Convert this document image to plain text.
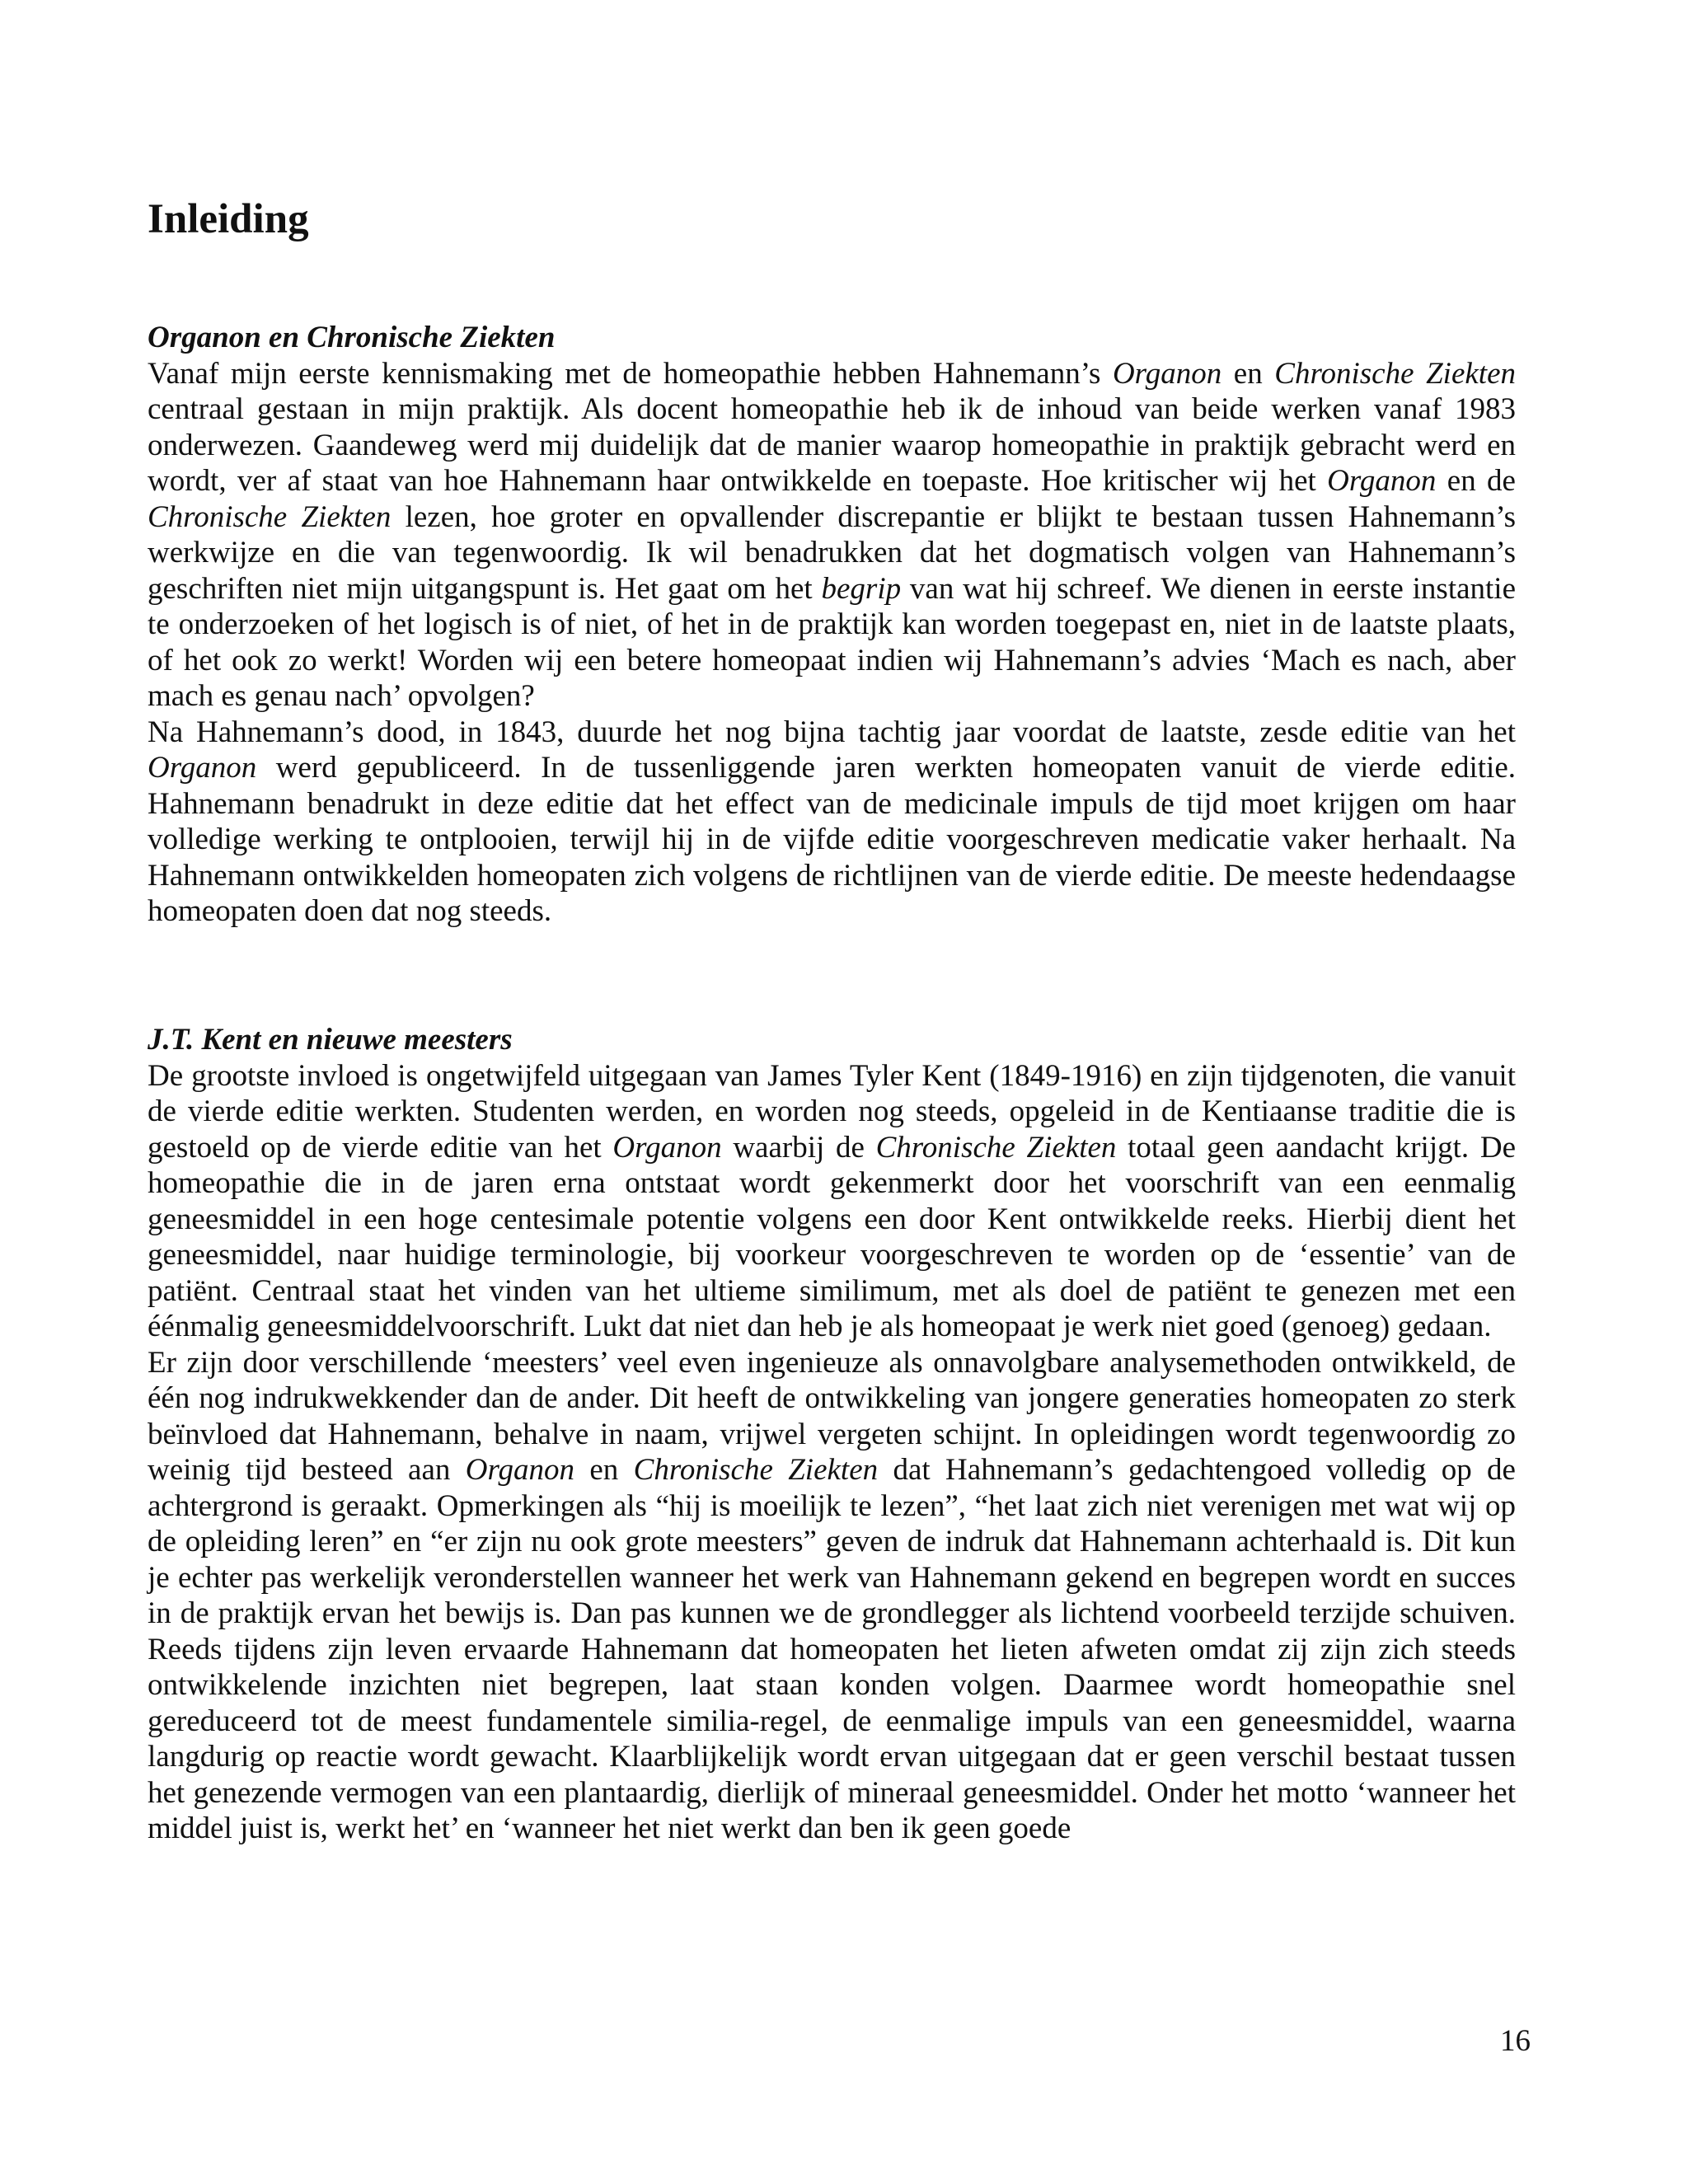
Inleiding
Organon en Chronische Ziekten

Vanaf mijn eerste kennismaking met de homeopathie hebben Hahnemann’s Organon en Chronische Ziekten centraal gestaan in mijn praktijk. Als docent homeopathie heb ik de inhoud van beide werken vanaf 1983 onderwezen. Gaandeweg werd mij duidelijk dat de manier waarop homeopathie in praktijk gebracht werd en wordt, ver af staat van hoe Hahnemann haar ontwikkelde en toepaste. Hoe kritischer wij het Organon en de Chronische Ziekten lezen, hoe groter en opvallender discrepantie er blijkt te bestaan tussen Hahnemann’s werkwijze en die van tegenwoordig. Ik wil benadrukken dat het dogmatisch volgen van Hahnemann’s geschriften niet mijn uitgangspunt is. Het gaat om het begrip van wat hij schreef. We dienen in eerste instantie te onderzoeken of het logisch is of niet, of het in de praktijk kan worden toegepast en, niet in de laatste plaats, of het ook zo werkt! Worden wij een betere homeopaat indien wij Hahnemann’s advies ‘Mach es nach, aber mach es genau nach’ opvolgen?

Na Hahnemann’s dood, in 1843, duurde het nog bijna tachtig jaar voordat de laatste, zesde editie van het Organon werd gepubliceerd. In de tussenliggende jaren werkten homeopaten vanuit de vierde editie. Hahnemann benadrukt in deze editie dat het effect van de medicinale impuls de tijd moet krijgen om haar volledige werking te ontplooien, terwijl hij in de vijfde editie voorgeschreven medicatie vaker herhaalt. Na Hahnemann ontwikkelden homeopaten zich volgens de richtlijnen van de vierde editie. De meeste hedendaagse homeopaten doen dat nog steeds.

J.T. Kent en nieuwe meesters

De grootste invloed is ongetwijfeld uitgegaan van James Tyler Kent (1849-1916) en zijn tijdgenoten, die vanuit de vierde editie werkten. Studenten werden, en worden nog steeds, opgeleid in de Kentiaanse traditie die is gestoeld op de vierde editie van het Organon waarbij de Chronische Ziekten totaal geen aandacht krijgt. De homeopathie die in de jaren erna ontstaat wordt gekenmerkt door het voorschrift van een eenmalig geneesmiddel in een hoge centesimale potentie volgens een door Kent ontwikkelde reeks. Hierbij dient het geneesmiddel, naar huidige terminologie, bij voorkeur voorgeschreven te worden op de ‘essentie’ van de patiënt. Centraal staat het vinden van het ultieme similimum, met als doel de patiënt te genezen met een éénmalig geneesmiddelvoorschrift. Lukt dat niet dan heb je als homeopaat je werk niet goed (genoeg) gedaan.

Er zijn door verschillende ‘meesters’ veel even ingenieuze als onnavolgbare analysemethoden ontwikkeld, de één nog indrukwekkender dan de ander. Dit heeft de ontwikkeling van jongere generaties homeopaten zo sterk beïnvloed dat Hahnemann, behalve in naam, vrijwel vergeten schijnt. In opleidingen wordt tegenwoordig zo weinig tijd besteed aan Organon en Chronische Ziekten dat Hahnemann’s gedachtengoed volledig op de achtergrond is geraakt. Opmerkingen als “hij is moeilijk te lezen”, “het laat zich niet verenigen met wat wij op de opleiding leren” en “er zijn nu ook grote meesters” geven de indruk dat Hahnemann achterhaald is. Dit kun je echter pas werkelijk veronderstellen wanneer het werk van Hahnemann gekend en begrepen wordt en succes in de praktijk ervan het bewijs is. Dan pas kunnen we de grondlegger als lichtend voorbeeld terzijde schuiven. Reeds tijdens zijn leven ervaarde Hahnemann dat homeopaten het lieten afweten omdat zij zijn zich steeds ontwikkelende inzichten niet begrepen, laat staan konden volgen. Daarmee wordt homeopathie snel gereduceerd tot de meest fundamentele similia-regel, de eenmalige impuls van een geneesmiddel, waarna langdurig op reactie wordt gewacht. Klaarblijkelijk wordt ervan uitgegaan dat er geen verschil bestaat tussen het genezende vermogen van een plantaardig, dierlijk of mineraal geneesmiddel. Onder het motto ‘wanneer het middel juist is, werkt het’ en ‘wanneer het niet werkt dan ben ik geen goede

16
